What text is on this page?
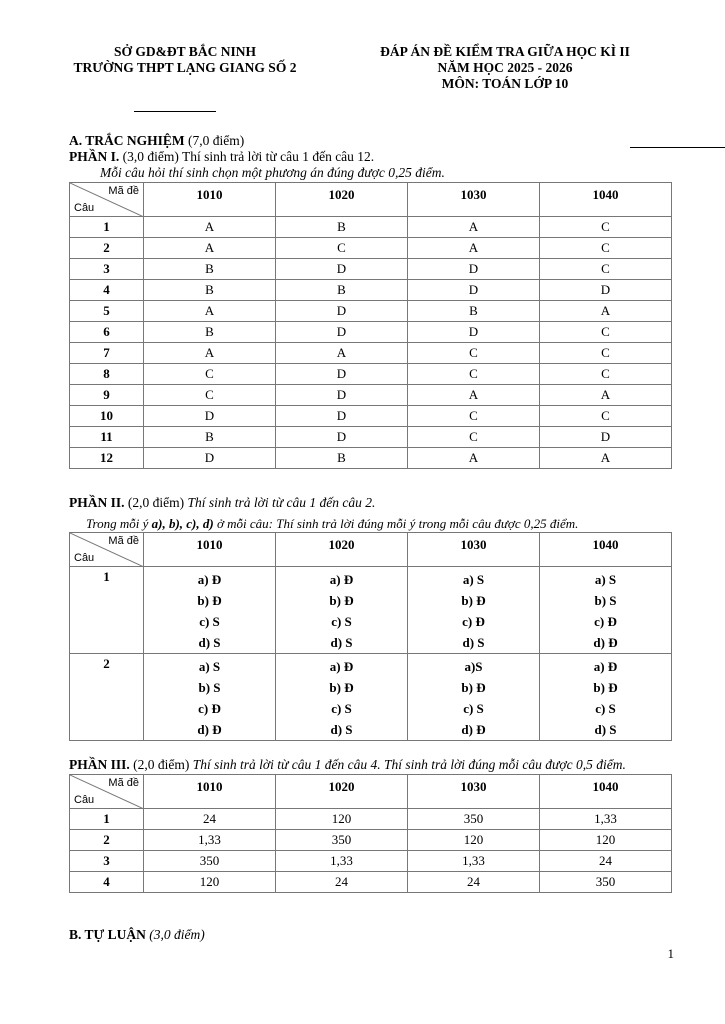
SỞ GD&ĐT BẮC NINH
TRƯỜNG THPT LẠNG GIANG SỐ 2
ĐÁP ÁN ĐỀ KIỂM TRA GIỮA HỌC KÌ II
NĂM HỌC 2025 - 2026
MÔN: TOÁN LỚP 10
A. TRẮC NGHIỆM (7,0 điểm)
PHẦN I. (3,0 điểm) Thí sinh trả lời từ câu 1 đến câu 12.
Mỗi câu hỏi thí sinh chọn một phương án đúng được 0,25 điểm.
Mã đề
Câu	1010	1020	1030	1040
1	A	B	A	C
2	A	C	A	C
3	B	D	D	C
4	B	B	D	D
5	A	D	B	A
6	B	D	D	C
7	A	A	C	C
8	C	D	C	C
9	C	D	A	A
10	D	D	C	C
11	B	D	C	D
12	D	B	A	A
PHẦN II. (2,0 điểm) Thí sinh trả lời từ câu 1 đến câu 2.
Trong mỗi ý a), b), c), d) ở mỗi câu: Thí sinh trả lời đúng mỗi ý trong mỗi câu được 0,25 điểm.
Mã đề
Câu	1010	1020	1030	1040
1	a) Đ
b) Đ
c) S
d) S	a) Đ
b) Đ
c) S
d) S	a) S
b) Đ
c) Đ
d) S	a) S
b) S
c) Đ
d) Đ

2	a) S
b) S
c) Đ
d) Đ	a) Đ
b) Đ
c) S
d) S	a)S
b) Đ
c) S
d) Đ	a) Đ
b) Đ
c) S
d) S
PHẦN III. (2,0 điểm) Thí sinh trả lời từ câu 1 đến câu 4. Thí sinh trả lời đúng mỗi câu được 0,5 điểm.
Mã đề
Câu	1010	1020	1030	1040
1	24	120	350	1,33
2	1,33	350	120	120
3	350	1,33	1,33	24
4	120	24	24	350
B. TỰ LUẬN (3,0 điểm)
1
